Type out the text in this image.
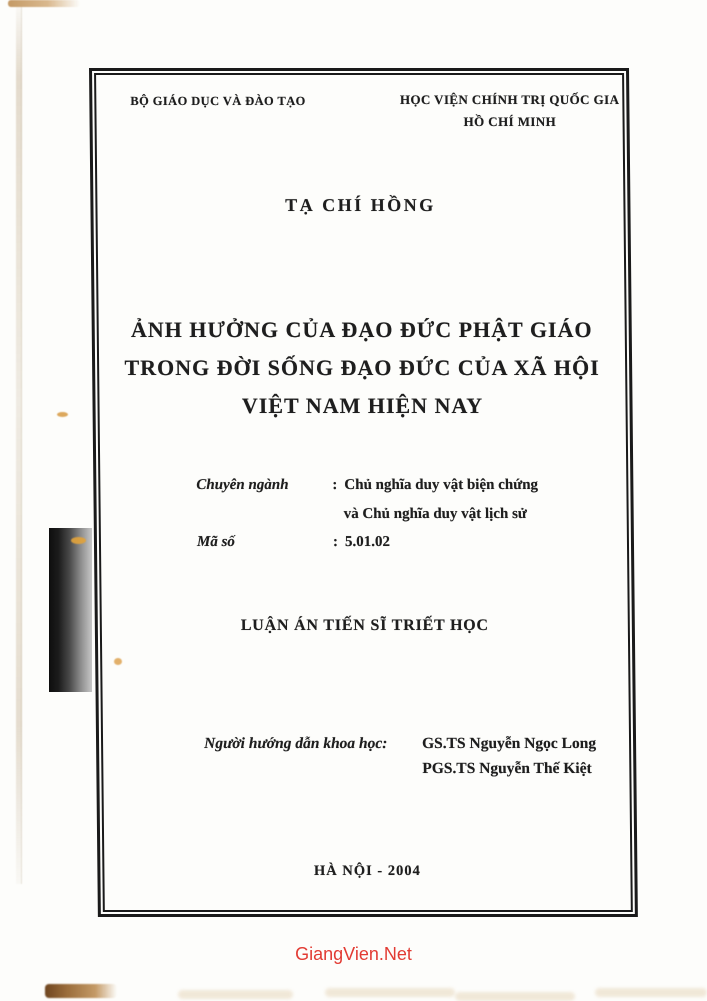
BỘ GIÁO DỤC VÀ ĐÀO TẠO	HỌC VIỆN CHÍNH TRỊ QUỐC GIA
HỒ CHÍ MINH
TẠ CHÍ HỒNG
ẢNH HƯỞNG CỦA ĐẠO ĐỨC PHẬT GIÁO
TRONG ĐỜI SỐNG ĐẠO ĐỨC CỦA XÃ HỘI
VIỆT NAM HIỆN NAY
Chuyên ngành	: Chủ nghĩa duy vật biện chứng
và Chủ nghĩa duy vật lịch sử
Mã số	: 5.01.02
LUẬN ÁN TIẾN SĨ TRIẾT HỌC
Người hướng dẫn khoa học:	GS.TS Nguyễn Ngọc Long
PGS.TS Nguyễn Thế Kiệt
HÀ NỘI - 2004
GiangVien.Net
